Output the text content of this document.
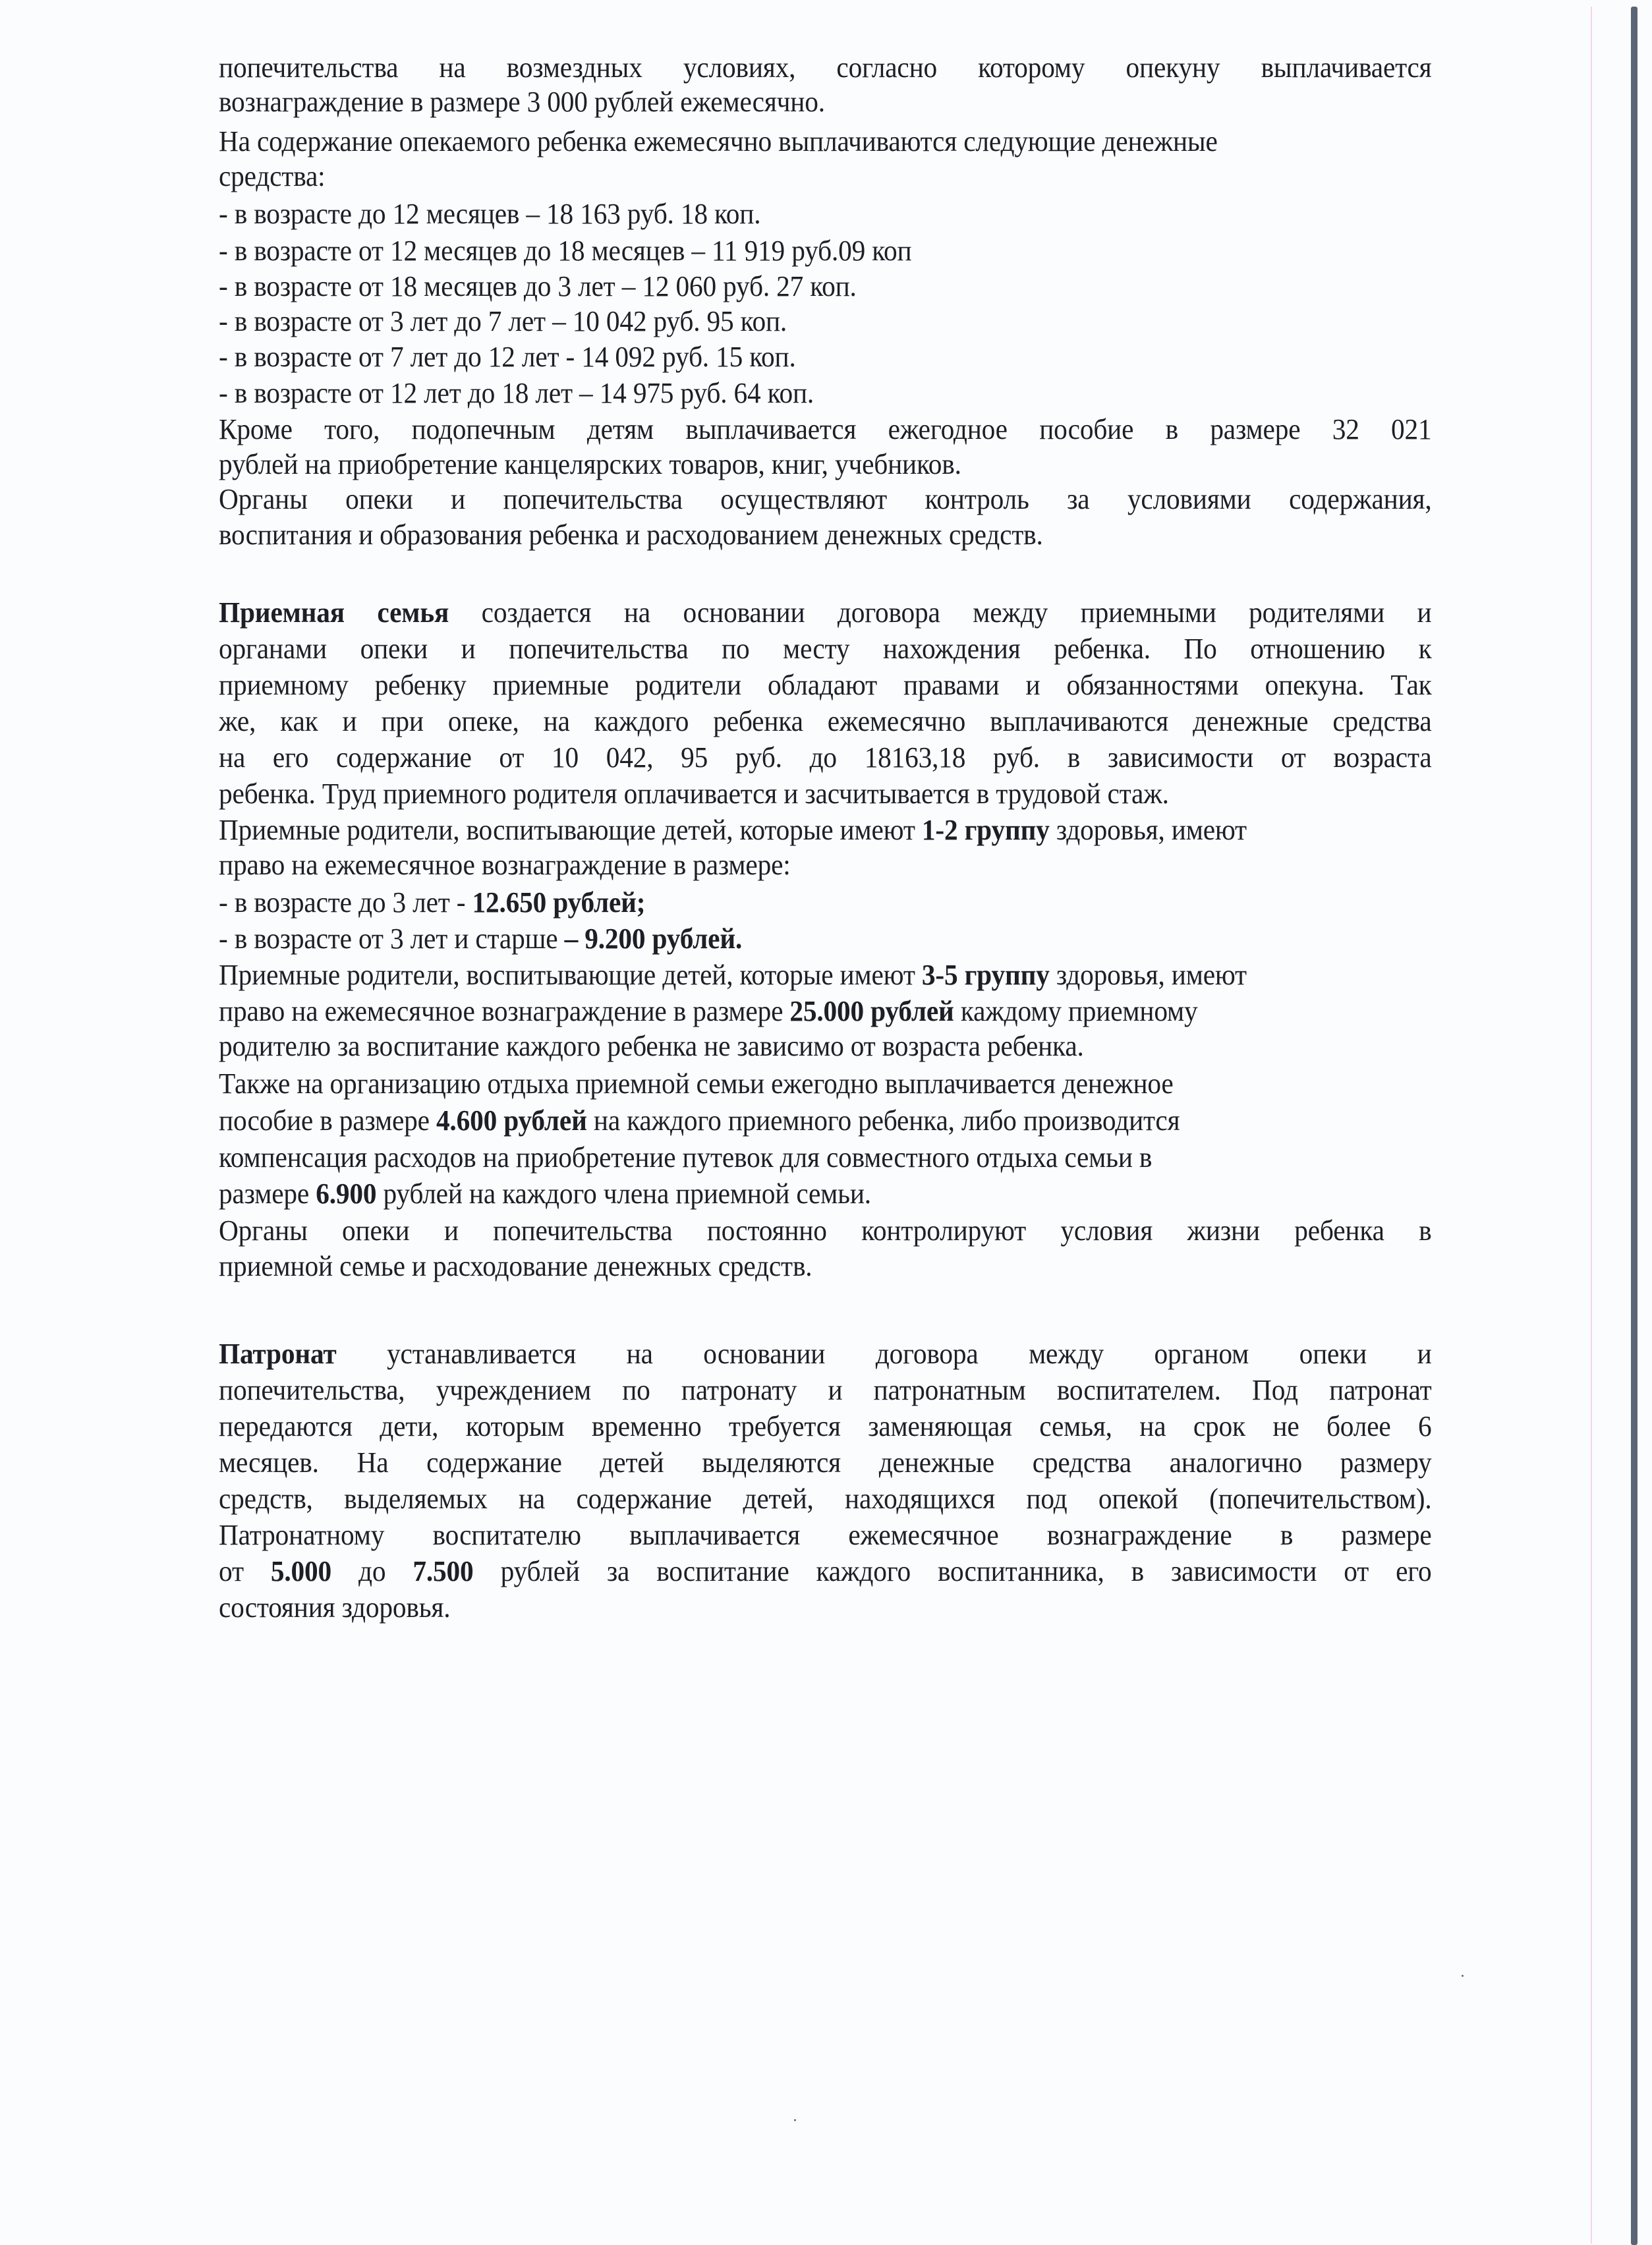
попечительства на возмездных условиях, согласно которому опекуну выплачивается
вознаграждение в размере 3 000 рублей ежемесячно.
На содержание опекаемого ребенка ежемесячно выплачиваются следующие денежные
средства:
- в возрасте до 12 месяцев – 18 163 руб. 18 коп.
- в возрасте от 12 месяцев до 18 месяцев – 11 919 руб.09 коп
- в возрасте от 18 месяцев до 3 лет – 12 060 руб. 27 коп.
- в возрасте от 3 лет до 7 лет – 10 042 руб. 95 коп.
- в возрасте от 7 лет до 12 лет - 14 092 руб. 15 коп.
- в возрасте от 12 лет до 18 лет – 14 975 руб. 64 коп.
Кроме того, подопечным детям выплачивается ежегодное пособие в размере 32 021
рублей на приобретение канцелярских товаров, книг, учебников.
Органы опеки и попечительства осуществляют контроль за условиями содержания,
воспитания и образования ребенка и расходованием денежных средств.
Приемная семья создается на основании договора между приемными родителями и
органами опеки и попечительства по месту нахождения ребенка. По отношению к
приемному ребенку приемные родители обладают правами и обязанностями опекуна. Так
же, как и при опеке, на каждого ребенка ежемесячно выплачиваются денежные средства
на его содержание от 10 042, 95 руб. до 18163,18 руб. в зависимости от возраста
ребенка. Труд приемного родителя оплачивается и засчитывается в трудовой стаж.
Приемные родители, воспитывающие детей, которые имеют 1-2 группу здоровья, имеют
право на ежемесячное вознаграждение в размере:
- в возрасте до 3 лет - 12.650 рублей;
- в возрасте от 3 лет и старше – 9.200 рублей.
Приемные родители, воспитывающие детей, которые имеют 3-5 группу здоровья, имеют
право на ежемесячное вознаграждение в размере 25.000 рублей каждому приемному
родителю за воспитание каждого ребенка не зависимо от возраста ребенка.
Также на организацию отдыха приемной семьи ежегодно выплачивается денежное
пособие в размере 4.600 рублей на каждого приемного ребенка, либо производится
компенсация расходов на приобретение путевок для совместного отдыха семьи в
размере 6.900 рублей на каждого члена приемной семьи.
Органы опеки и попечительства постоянно контролируют условия жизни ребенка в
приемной семье и расходование денежных средств.
Патронат устанавливается на основании договора между органом опеки и
попечительства, учреждением по патронату и патронатным воспитателем. Под патронат
передаются дети, которым временно требуется заменяющая семья, на срок не более 6
месяцев. На содержание детей выделяются денежные средства аналогично размеру
средств, выделяемых на содержание детей, находящихся под опекой (попечительством).
Патронатному воспитателю выплачивается ежемесячное вознаграждение в размере
от 5.000 до 7.500 рублей за воспитание каждого воспитанника, в зависимости от его
состояния здоровья.
